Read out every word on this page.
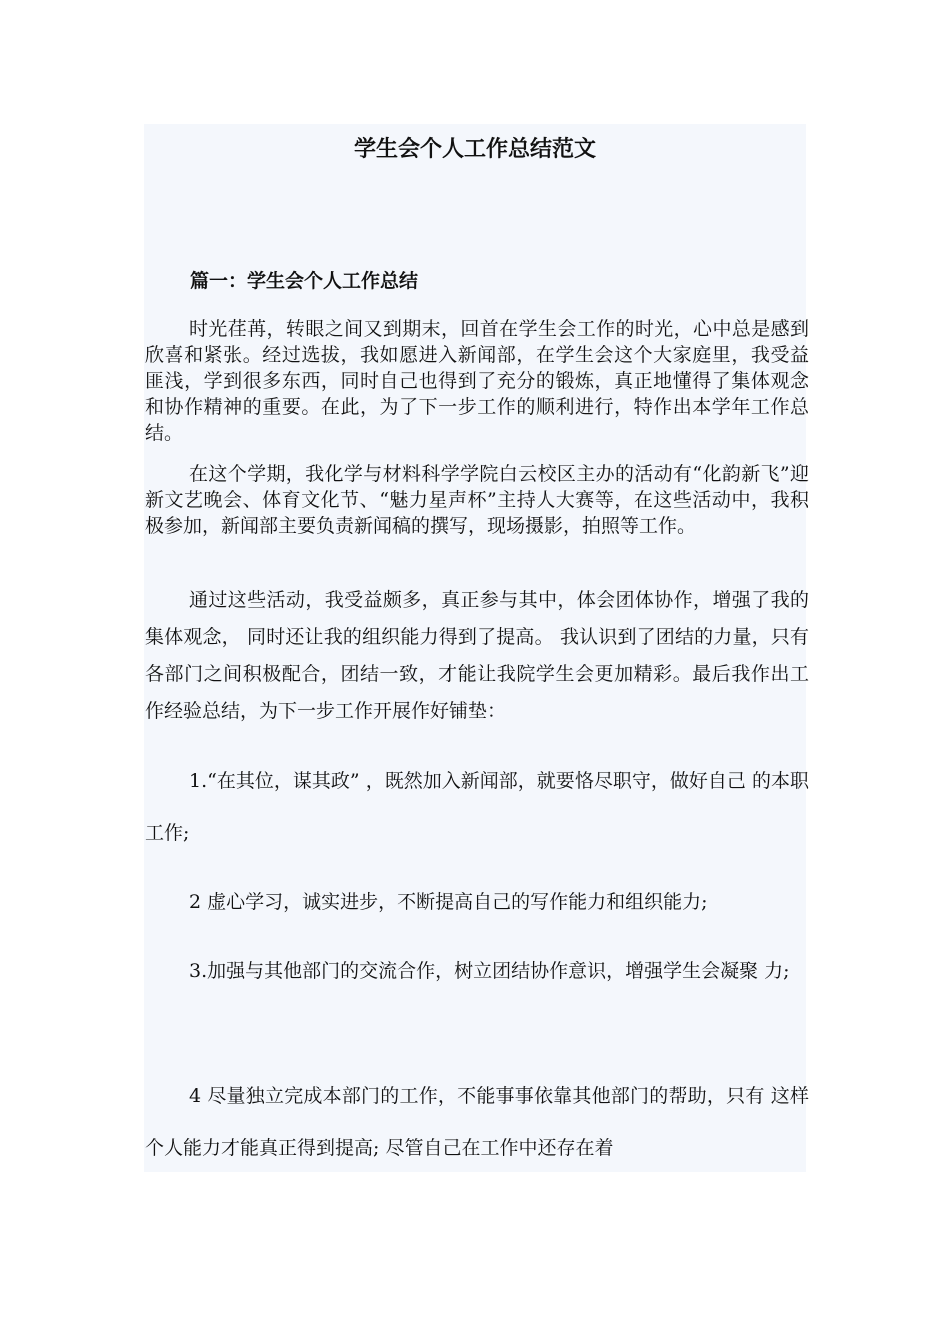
学生会个人工作总结范文
篇一：学生会个人工作总结

时光荏苒，转眼之间又到期末，回首在学生会工作的时光，心中总是感到欣喜和紧张。经过选拔，我如愿进入新闻部，在学生会这个大家庭里，我受益匪浅，学到很多东西，同时自己也得到了充分的锻炼，真正地懂得了集体观念和协作精神的重要。在此，为了下一步工作的顺利进行，特作出本学年工作总结。

在这个学期，我化学与材料科学学院白云校区主办的活动有“化韵新飞”迎新文艺晚会、体育文化节、“魅力星声杯”主持人大赛等，在这些活动中，我积极参加，新闻部主要负责新闻稿的撰写，现场摄影，拍照等工作。

通过这些活动，我受益颇多，真正参与其中，体会团体协作，增强了我的集体观念， 同时还让我的组织能力得到了提高。 我认识到了团结的力量，只有各部门之间积极配合，团结一致，才能让我院学生会更加精彩。最后我作出工作经验总结，为下一步工作开展作好铺垫：

1.“在其位，谋其政” ，既然加入新闻部，就要恪尽职守，做好自己 的本职工作;

2 虚心学习，诚实进步，不断提高自己的写作能力和组织能力;

3.加强与其他部门的交流合作，树立团结协作意识，增强学生会凝聚 力;

4 尽量独立完成本部门的工作，不能事事依靠其他部门的帮助，只有 这样个人能力才能真正得到提高; 尽管自己在工作中还存在着
